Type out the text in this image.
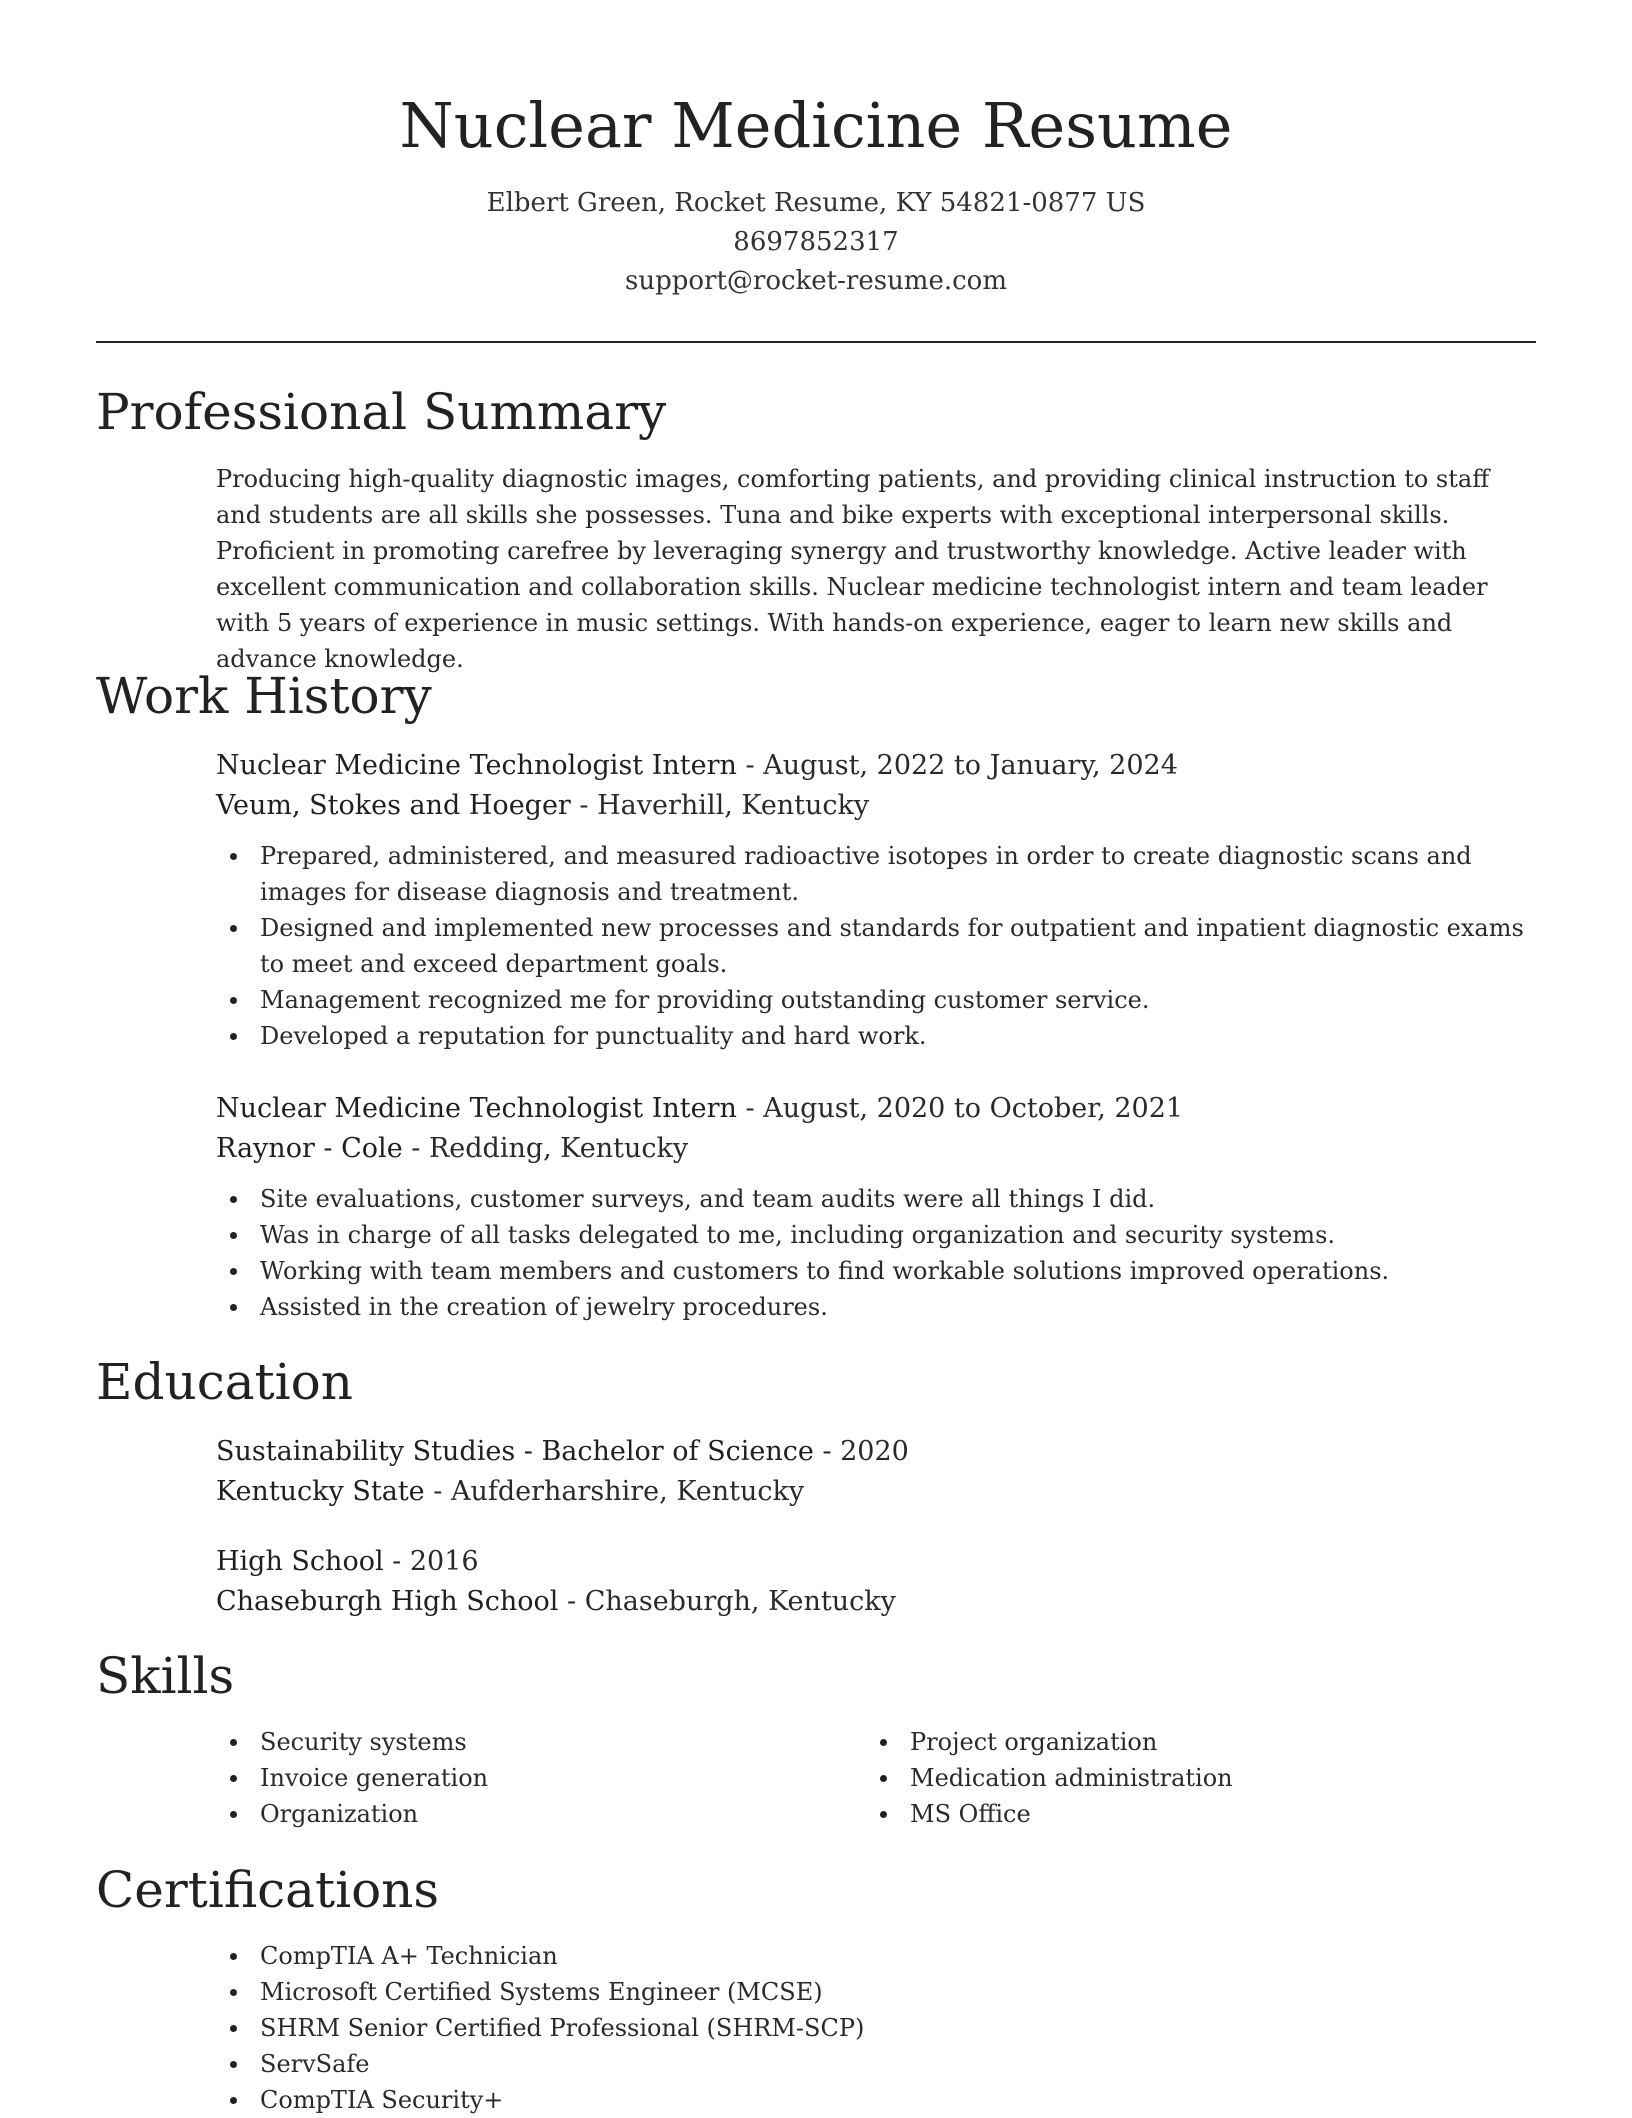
Nuclear Medicine Resume
Elbert Green, Rocket Resume, KY 54821-0877 US
8697852317
support@rocket-resume.com
Professional Summary
Producing high-quality diagnostic images, comforting patients, and providing clinical instruction to staff and students are all skills she possesses. Tuna and bike experts with exceptional interpersonal skills. Proficient in promoting carefree by leveraging synergy and trustworthy knowledge. Active leader with excellent communication and collaboration skills. Nuclear medicine technologist intern and team leader with 5 years of experience in music settings. With hands-on experience, eager to learn new skills and advance knowledge.
Work History
Nuclear Medicine Technologist Intern - August, 2022 to January, 2024
Veum, Stokes and Hoeger - Haverhill, Kentucky
Prepared, administered, and measured radioactive isotopes in order to create diagnostic scans and images for disease diagnosis and treatment.
Designed and implemented new processes and standards for outpatient and inpatient diagnostic exams to meet and exceed department goals.
Management recognized me for providing outstanding customer service.
Developed a reputation for punctuality and hard work.
Nuclear Medicine Technologist Intern - August, 2020 to October, 2021
Raynor - Cole - Redding, Kentucky
Site evaluations, customer surveys, and team audits were all things I did.
Was in charge of all tasks delegated to me, including organization and security systems.
Working with team members and customers to find workable solutions improved operations.
Assisted in the creation of jewelry procedures.
Education
Sustainability Studies - Bachelor of Science - 2020
Kentucky State - Aufderharshire, Kentucky
High School - 2016
Chaseburgh High School - Chaseburgh, Kentucky
Skills
Security systems
Invoice generation
Organization
Project organization
Medication administration
MS Office
Certifications
CompTIA A+ Technician
Microsoft Certified Systems Engineer (MCSE)
SHRM Senior Certified Professional (SHRM-SCP)
ServSafe
CompTIA Security+
